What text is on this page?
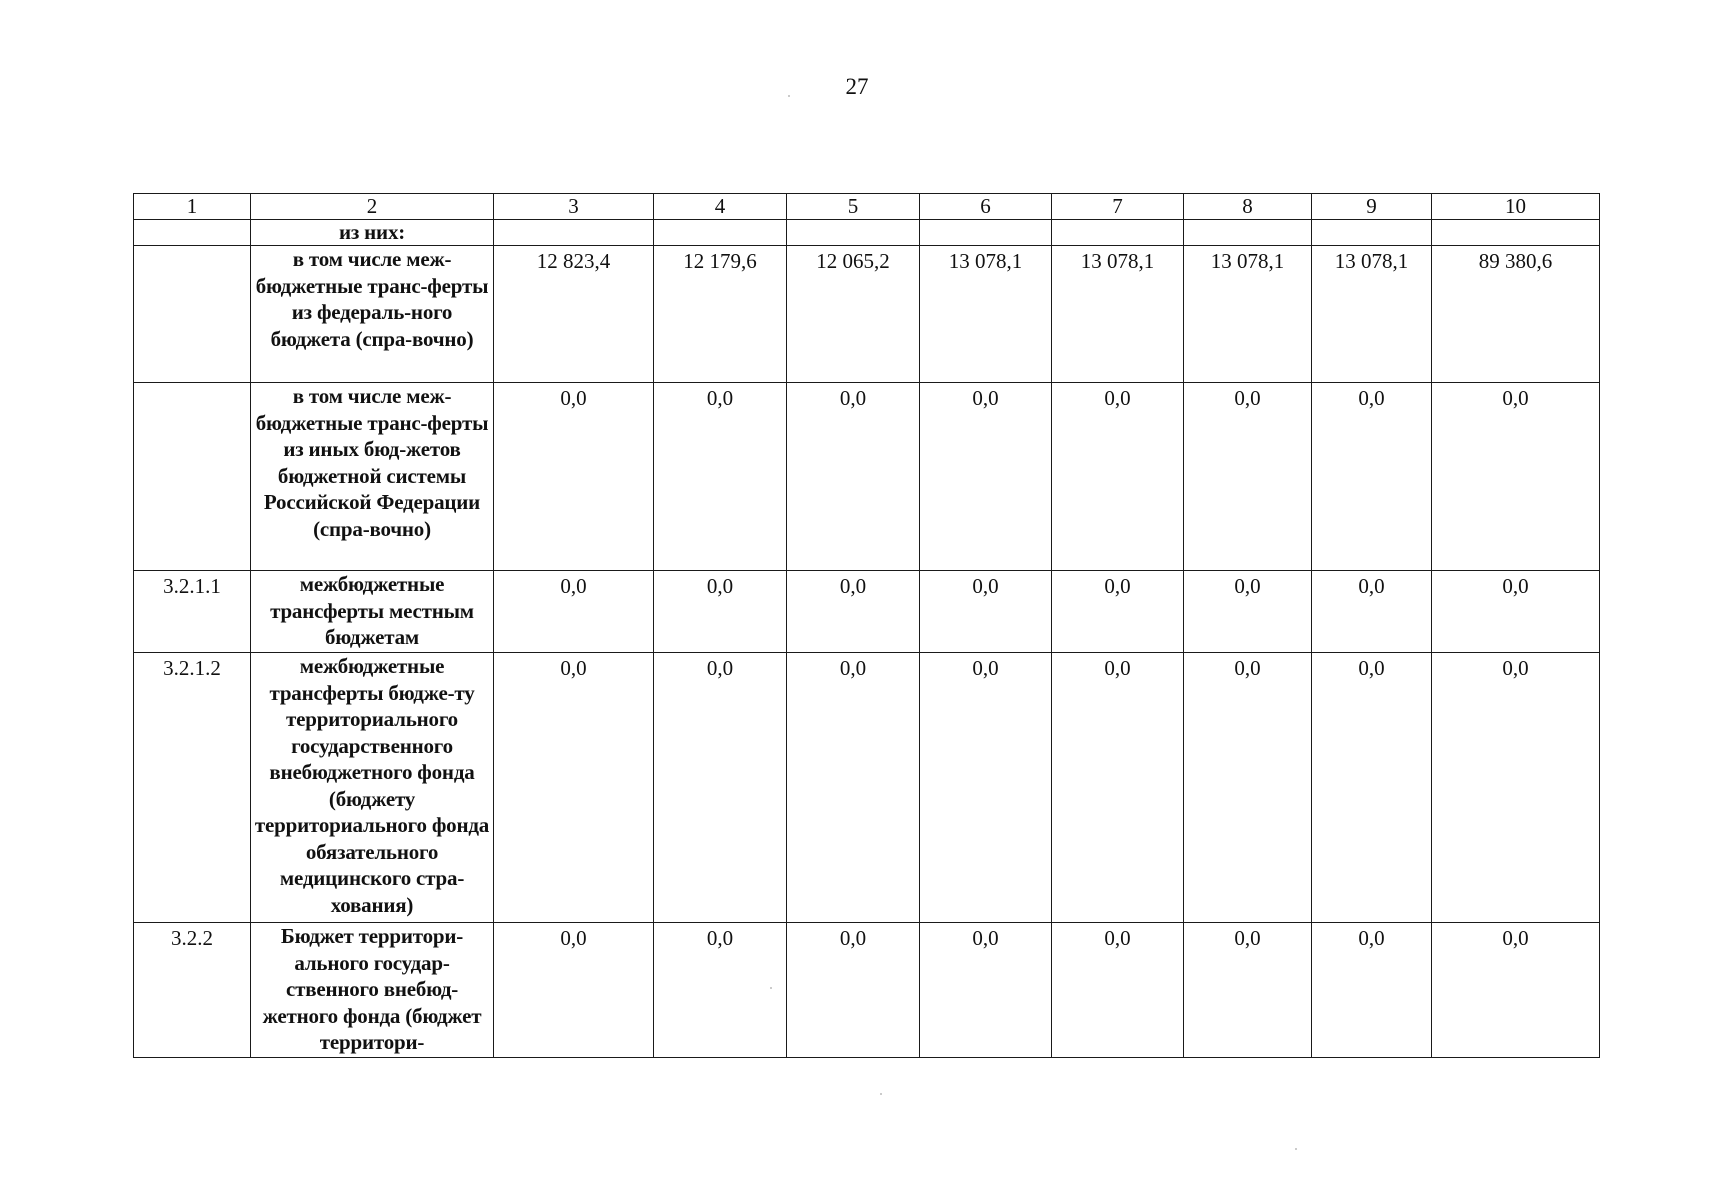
27
1	2	3	4	5	6	7	8	9	10
	из них:								
	в том числе меж-бюджетные транс-ферты из федераль-ного бюджета (спра-вочно)	12 823,4	12 179,6	12 065,2	13 078,1	13 078,1	13 078,1	13 078,1	89 380,6
	в том числе меж-бюджетные транс-ферты из иных бюд-жетов бюджетной системы Российской Федерации (спра-вочно)	0,0	0,0	0,0	0,0	0,0	0,0	0,0	0,0
3.2.1.1	межбюджетные трансферты местным бюджетам	0,0	0,0	0,0	0,0	0,0	0,0	0,0	0,0
3.2.1.2	межбюджетные трансферты бюдже-ту территориального государственного внебюджетного фонда (бюджету территориального фонда обязательного медицинского стра-хования)	0,0	0,0	0,0	0,0	0,0	0,0	0,0	0,0
3.2.2	Бюджет территори-ального государ-ственного внебюд-жетного фонда (бюджет территори-	0,0	0,0	0,0	0,0	0,0	0,0	0,0	0,0
